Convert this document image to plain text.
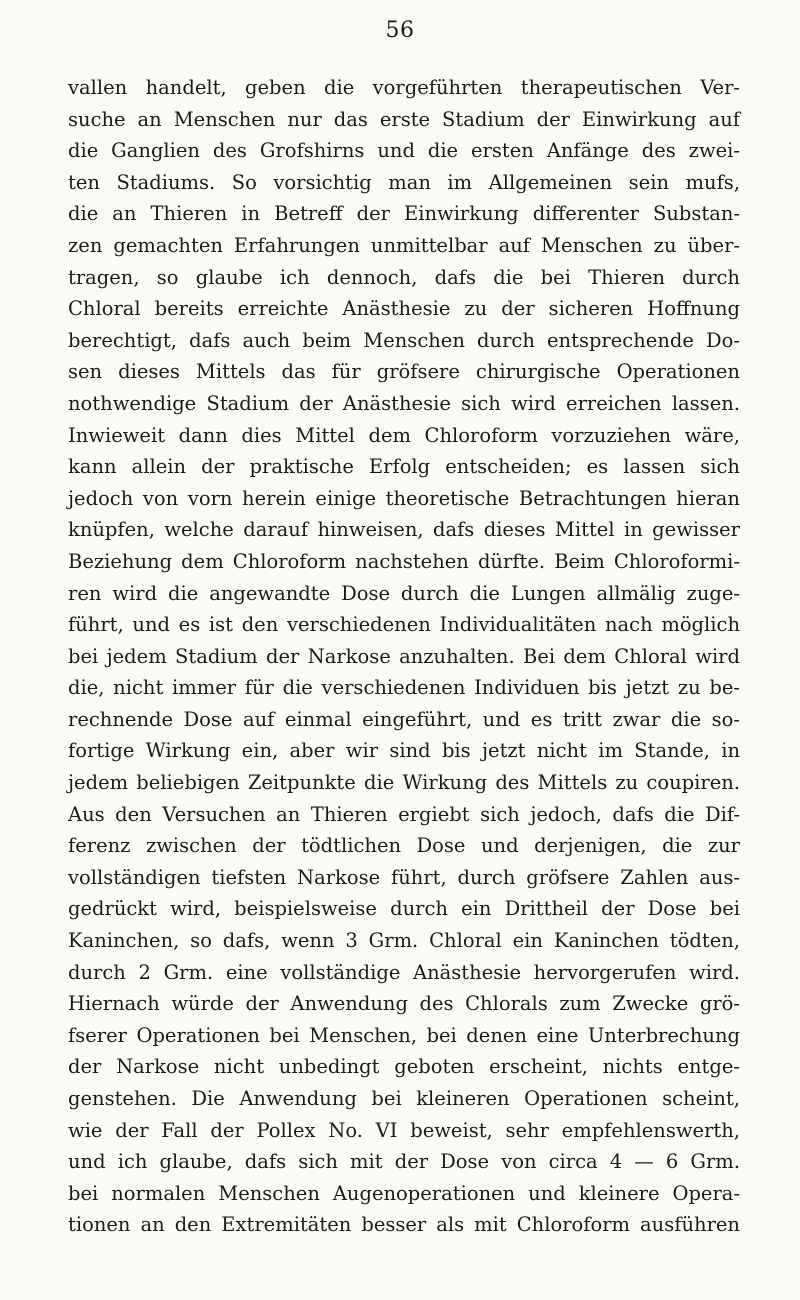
56
vallen handelt, geben die vorgeführten therapeutischen Ver-
suche an Menschen nur das erste Stadium der Einwirkung auf
die Ganglien des Grofshirns und die ersten Anfänge des zwei-
ten Stadiums. So vorsichtig man im Allgemeinen sein mufs,
die an Thieren in Betreff der Einwirkung differenter Substan-
zen gemachten Erfahrungen unmittelbar auf Menschen zu über-
tragen, so glaube ich dennoch, dafs die bei Thieren durch
Chloral bereits erreichte Anästhesie zu der sicheren Hoffnung
berechtigt, dafs auch beim Menschen durch entsprechende Do-
sen dieses Mittels das für gröfsere chirurgische Operationen
nothwendige Stadium der Anästhesie sich wird erreichen lassen.
Inwieweit dann dies Mittel dem Chloroform vorzuziehen wäre,
kann allein der praktische Erfolg entscheiden; es lassen sich
jedoch von vorn herein einige theoretische Betrachtungen hieran
knüpfen, welche darauf hinweisen, dafs dieses Mittel in gewisser
Beziehung dem Chloroform nachstehen dürfte. Beim Chloroformi-
ren wird die angewandte Dose durch die Lungen allmälig zuge-
führt, und es ist den verschiedenen Individualitäten nach möglich
bei jedem Stadium der Narkose anzuhalten. Bei dem Chloral wird
die, nicht immer für die verschiedenen Individuen bis jetzt zu be-
rechnende Dose auf einmal eingeführt, und es tritt zwar die so-
fortige Wirkung ein, aber wir sind bis jetzt nicht im Stande, in
jedem beliebigen Zeitpunkte die Wirkung des Mittels zu coupiren.
Aus den Versuchen an Thieren ergiebt sich jedoch, dafs die Dif-
ferenz zwischen der tödtlichen Dose und derjenigen, die zur
vollständigen tiefsten Narkose führt, durch gröfsere Zahlen aus-
gedrückt wird, beispielsweise durch ein Drittheil der Dose bei
Kaninchen, so dafs, wenn 3 Grm. Chloral ein Kaninchen tödten,
durch 2 Grm. eine vollständige Anästhesie hervorgerufen wird.
Hiernach würde der Anwendung des Chlorals zum Zwecke grö-
fserer Operationen bei Menschen, bei denen eine Unterbrechung
der Narkose nicht unbedingt geboten erscheint, nichts entge-
genstehen. Die Anwendung bei kleineren Operationen scheint,
wie der Fall der Pollex No. VI beweist, sehr empfehlenswerth,
und ich glaube, dafs sich mit der Dose von circa 4 — 6 Grm.
bei normalen Menschen Augenoperationen und kleinere Opera-
tionen an den Extremitäten besser als mit Chloroform ausführen
